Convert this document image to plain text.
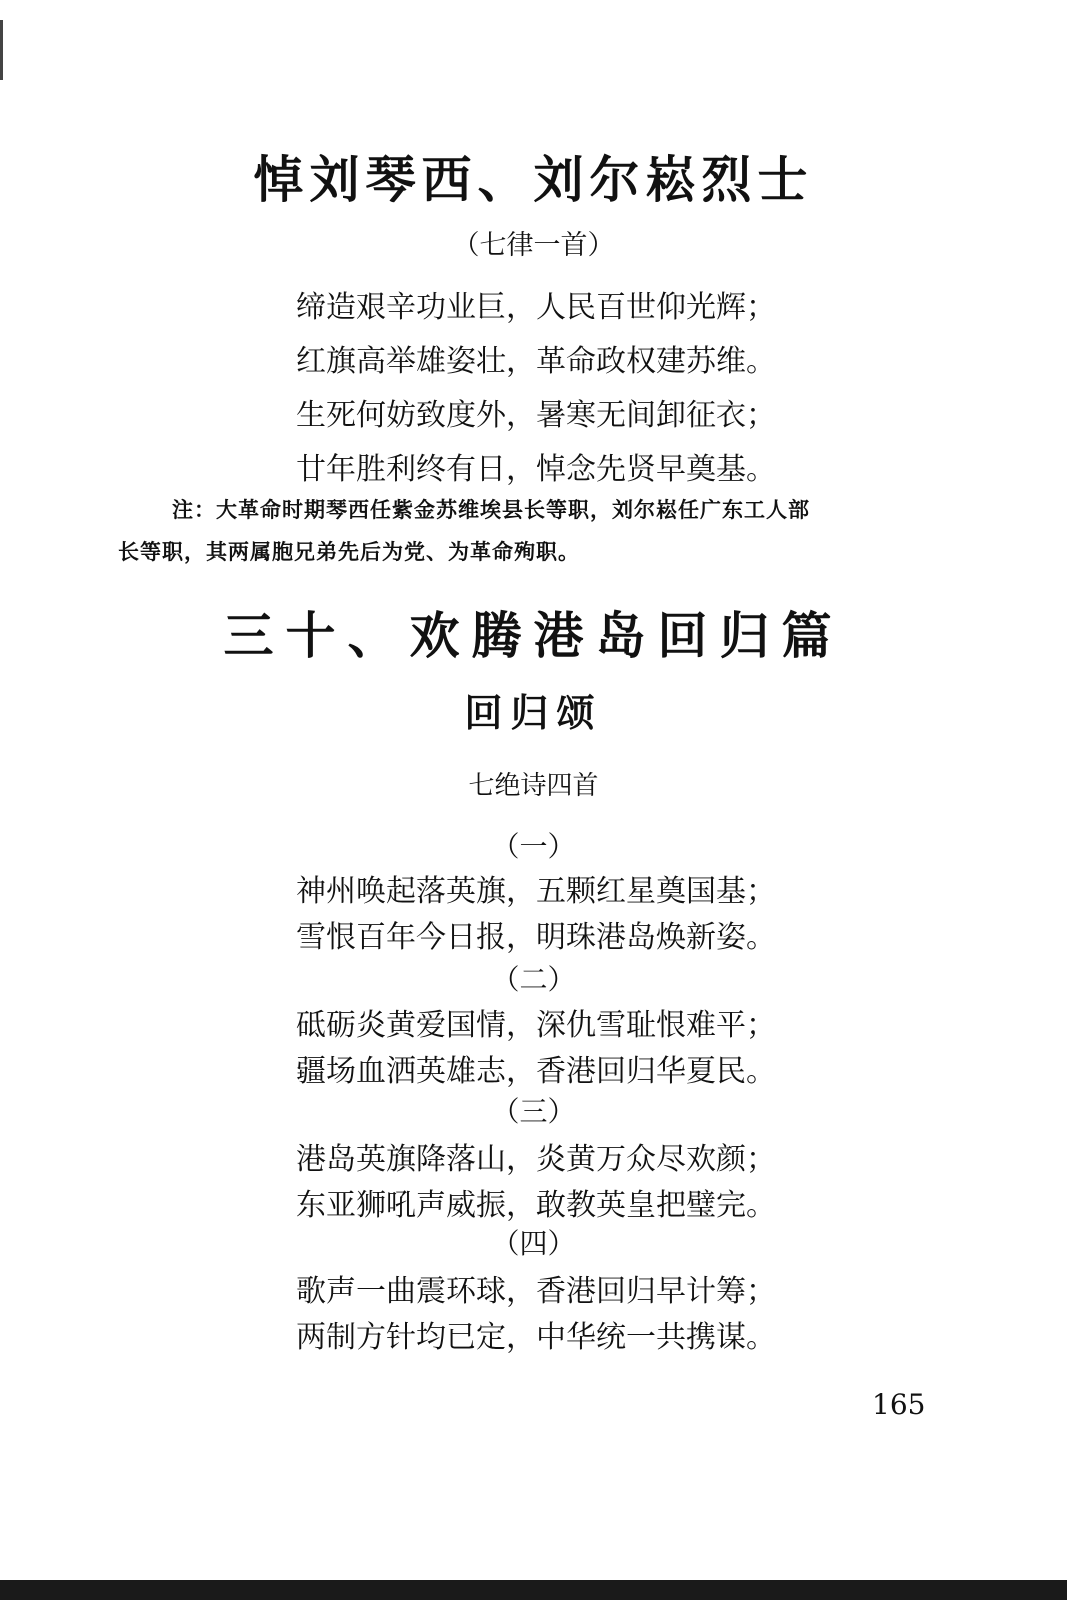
悼刘琴西、刘尔崧烈士
（七律一首）
缔造艰辛功业巨，人民百世仰光辉；
红旗高举雄姿壮，革命政权建苏维。
生死何妨致度外，暑寒无间卸征衣；
廿年胜利终有日，悼念先贤早奠基。
注：大革命时期琴西任紫金苏维埃县长等职，刘尔崧任广东工人部
长等职，其两属胞兄弟先后为党、为革命殉职。
三十、欢腾港岛回归篇
回归颂
七绝诗四首
（一）
神州唤起落英旗，五颗红星奠国基；
雪恨百年今日报，明珠港岛焕新姿。
（二）
砥砺炎黄爱国情，深仇雪耻恨难平；
疆场血洒英雄志，香港回归华夏民。
（三）
港岛英旗降落山，炎黄万众尽欢颜；
东亚狮吼声威振，敢教英皇把璧完。
（四）
歌声一曲震环球，香港回归早计筹；
两制方针均已定，中华统一共携谋。
165
